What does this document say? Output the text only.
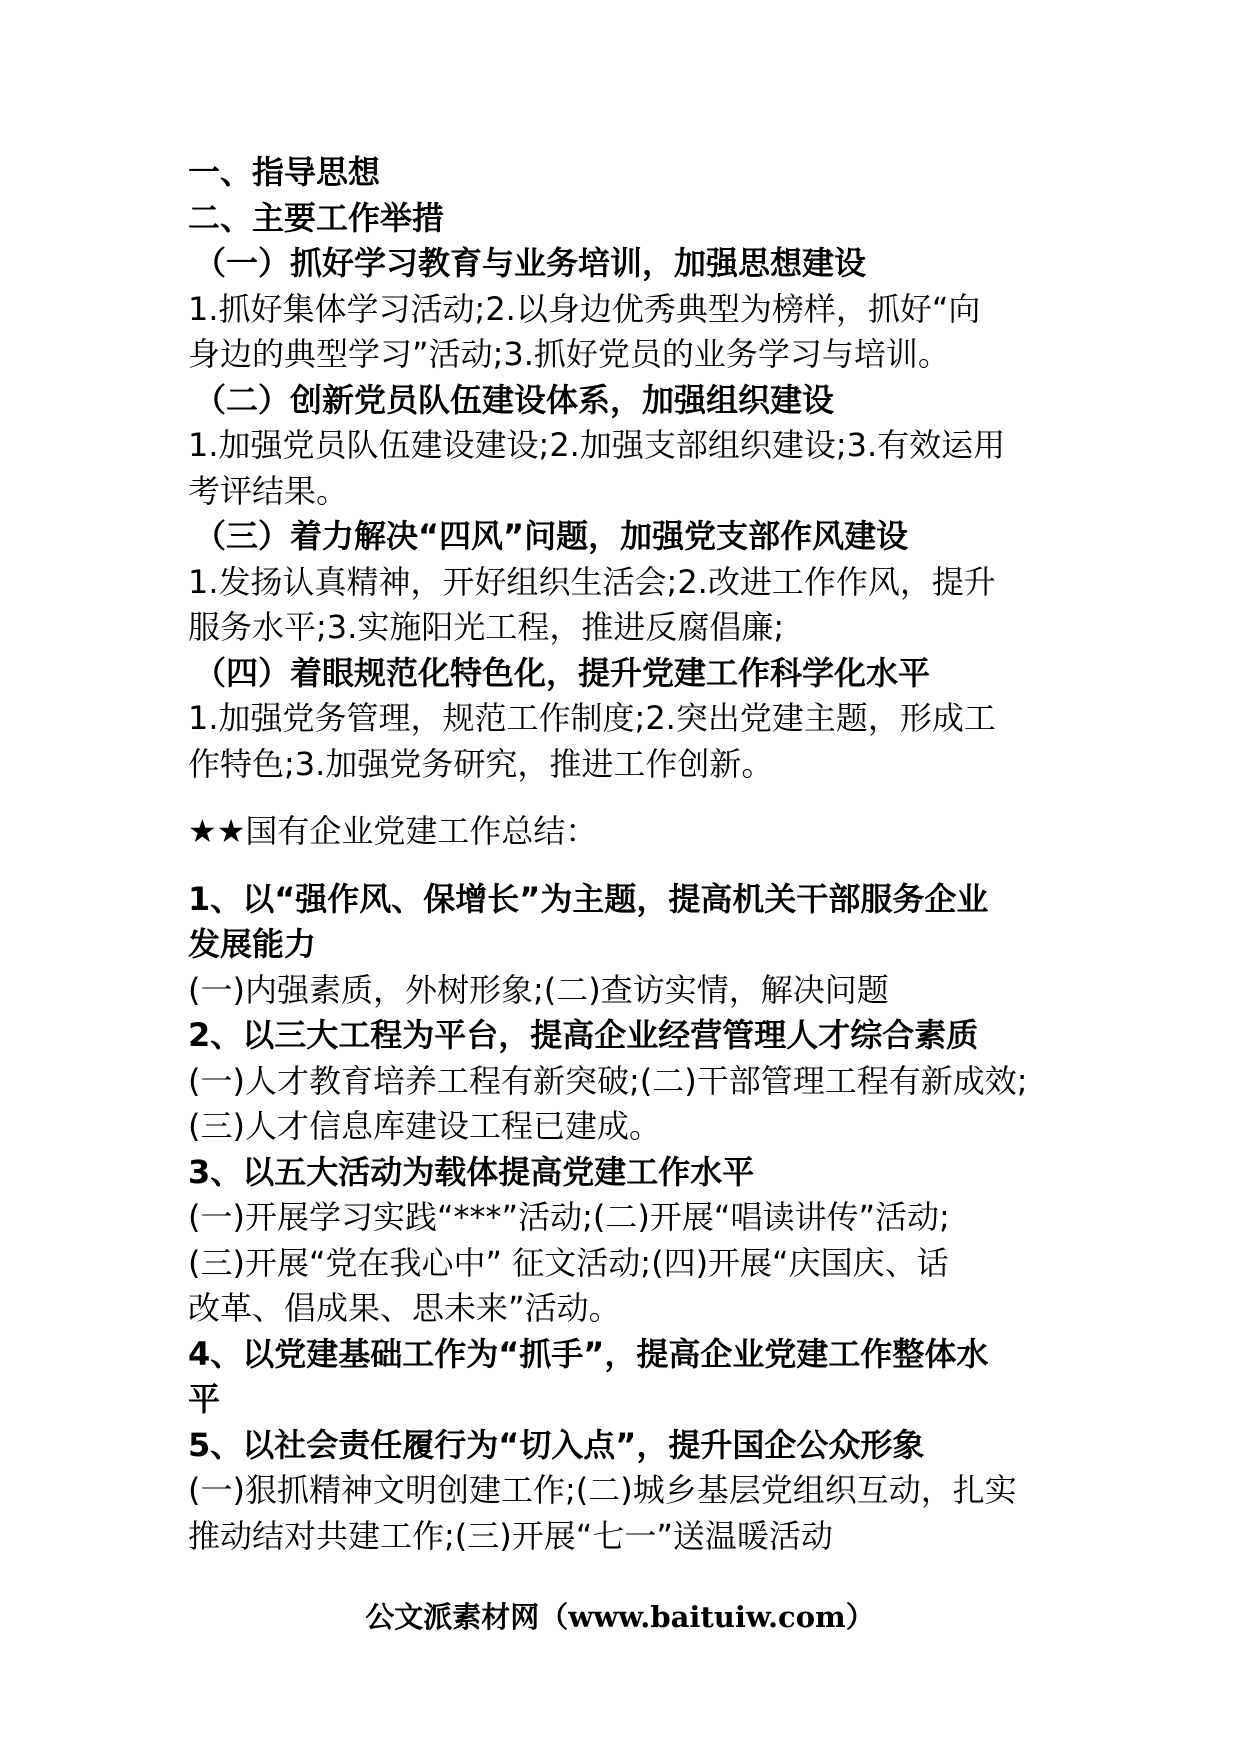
一、指导思想
二、主要工作举措
（一）抓好学习教育与业务培训，加强思想建设
1.抓好集体学习活动;2.以身边优秀典型为榜样，抓好“向
身边的典型学习”活动;3.抓好党员的业务学习与培训。
（二）创新党员队伍建设体系，加强组织建设
1.加强党员队伍建设建设;2.加强支部组织建设;3.有效运用
考评结果。
（三）着力解决“四风”问题，加强党支部作风建设
1.发扬认真精神，开好组织生活会;2.改进工作作风，提升
服务水平;3.实施阳光工程，推进反腐倡廉;
（四）着眼规范化特色化，提升党建工作科学化水平
1.加强党务管理，规范工作制度;2.突出党建主题，形成工
作特色;3.加强党务研究，推进工作创新。
★★国有企业党建工作总结：
1、以“强作风、保增长”为主题，提高机关干部服务企业
发展能力
(一)内强素质，外树形象;(二)查访实情，解决问题
2、以三大工程为平台，提高企业经营管理人才综合素质
(一)人才教育培养工程有新突破;(二)干部管理工程有新成效;
(三)人才信息库建设工程已建成。
3、以五大活动为载体提高党建工作水平
(一)开展学习实践“***”活动;(二)开展“唱读讲传”活动;
(三)开展“党在我心中” 征文活动;(四)开展“庆国庆、话
改革、倡成果、思未来”活动。
4、以党建基础工作为“抓手”，提高企业党建工作整体水
平
5、以社会责任履行为“切入点”，提升国企公众形象
(一)狠抓精神文明创建工作;(二)城乡基层党组织互动，扎实
推动结对共建工作;(三)开展“七一”送温暖活动
公文派素材网（www.baituiw.com）
